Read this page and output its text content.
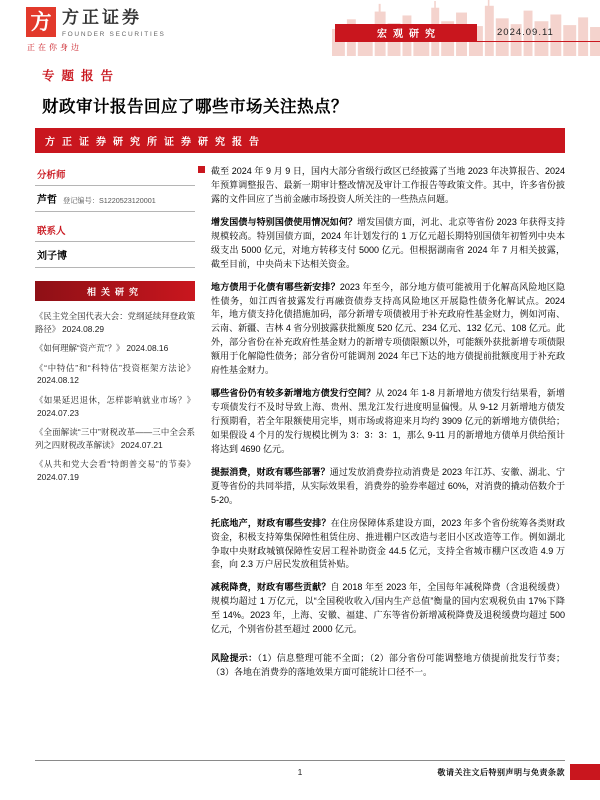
宏观研究	2024.09.11
方 方正证券
FOUNDER SECURITIES
正在你身边
专题报告
财政审计报告回应了哪些市场关注热点？
方正证券研究所证券研究报告
分析师
芦哲 登记编号：S1220523120001
联系人
刘子博
相关研究
《民主党全国代表大会：党纲延续拜登政策路径》 2024.08.29
《如何理解“资产荒”？》 2024.08.16
《“中特估”和“科特估”投资框架方法论》2024.08.12
《如果延迟退休，怎样影响就业市场？》2024.07.23
《全面解读“三中”财税改革——三中全会系列之四财税改革解读》 2024.07.21
《从共和党大会看“特朗普交易”的节奏》2024.07.19

截至 2024 年 9 月 9 日，国内大部分省级行政区已经披露了当地 2023 年决算报告、2024 年预算调整报告、最新一期审计整改情况及审计工作报告等政策文件。其中，许多省份披露的文件回应了当前金融市场投资人所关注的一些热点问题。

增发国债与特别国债使用情况如何？增发国债方面，河北、北京等省份 2023 年获得支持规模较高。特别国债方面，2024 年计划发行的 1 万亿元超长期特别国债年初暂列中央本级支出 5000 亿元，对地方转移支付 5000 亿元。但根据湖南省 2024 年 7 月相关披露，截至目前，中央尚未下达相关资金。

地方债用于化债有哪些新安排？2023 年至今，部分地方债可能被用于化解高风险地区隐性债务，如江西省披露发行再融资债券支持高风险地区开展隐性债务化解试点。2024 年，地方债支持化债措施加码，部分新增专项债被用于补充政府性基金财力，例如河南、云南、新疆、吉林 4 省分别披露获批额度 520 亿元、234 亿元、132 亿元、108 亿元。此外，部分省份在补充政府性基金财力的新增专项债限额以外，可能额外获批新增专项债限额用于化解隐性债务；部分省份可能调剂 2024 年已下达的地方债提前批额度用于补充政府性基金财力。

哪些省份仍有较多新增地方债发行空间？从 2024 年 1-8 月新增地方债发行结果看，新增专项债发行不及时导致上海、贵州、黑龙江发行进度明显偏慢。从 9-12 月新增地方债发行预期看，若全年限额使用完毕，则市场或将迎来月均约 3909 亿元的新增地方债供给；如果假设 4 个月的发行规模比例为 3：3：3：1，那么 9-11 月的新增地方债单月供给预计将达到 4690 亿元。

提振消费，财政有哪些部署？通过发放消费券拉动消费是 2023 年江苏、安徽、湖北、宁夏等省份的共同举措，从实际效果看，消费券的验券率超过 60%，对消费的撬动倍数介于 5-20。

托底地产，财政有哪些安排？在住房保障体系建设方面，2023 年多个省份统筹各类财政资金，积极支持筹集保障性租赁住房、推进棚户区改造与老旧小区改造等工作。例如湖北争取中央财政城镇保障性安居工程补助资金 44.5 亿元，支持全省城市棚户区改造 4.9 万套，向 2.3 万户居民发放租赁补贴。

减税降费，财政有哪些贡献？自 2018 年至 2023 年，全国每年减税降费（含退税缓费）规模均超过 1 万亿元，以“全国税收收入/国内生产总值”衡量的国内宏观税负由 17%下降至 14%。2023 年，上海、安徽、福建、广东等省份新增减税降费及退税缓费均超过 500 亿元，个别省份甚至超过 2000 亿元。

风险提示：（1）信息整理可能不全面；（2）部分省份可能调整地方债提前批发行节奏；（3）各地在消费券的落地效果方面可能统计口径不一。

1	敬请关注文后特别声明与免责条款
